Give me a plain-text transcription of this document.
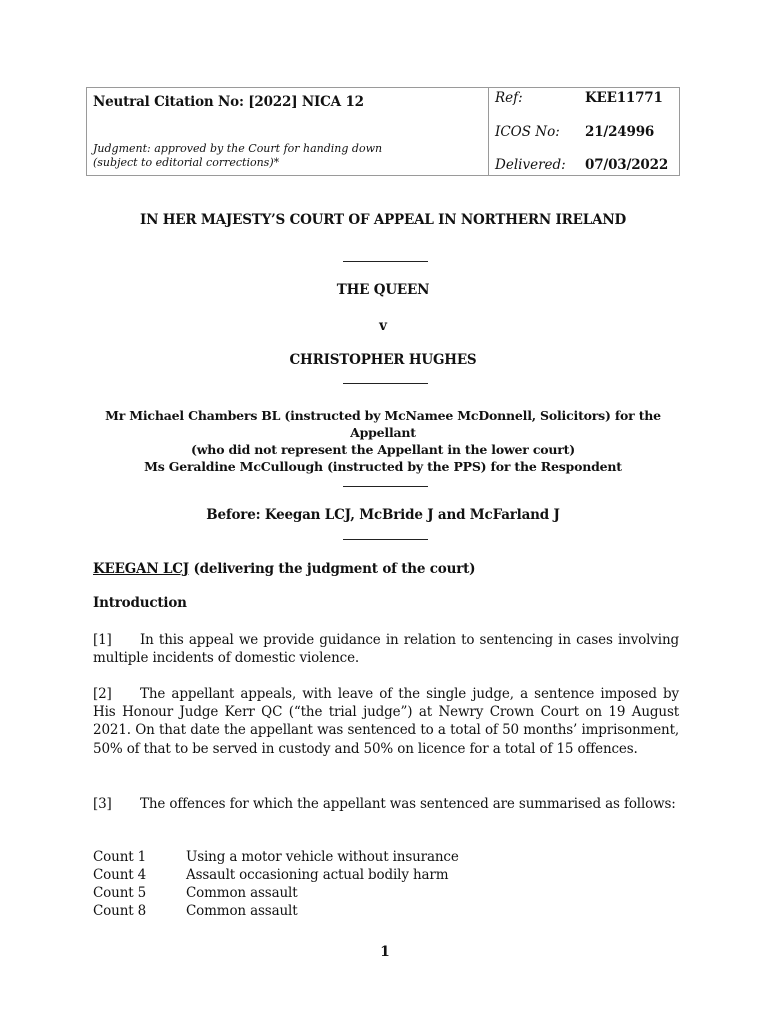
Neutral Citation No: [2022] NICA 12
Judgment: approved by the Court for handing down
(subject to editorial corrections)*
Ref:	KEE11771
ICOS No: 21/24996
Delivered: 07/03/2022
IN HER MAJESTY’S COURT OF APPEAL IN NORTHERN IRELAND
THE QUEEN
v
CHRISTOPHER HUGHES
Mr Michael Chambers BL (instructed by McNamee McDonnell, Solicitors) for the
Appellant
(who did not represent the Appellant in the lower court)
Ms Geraldine McCullough (instructed by the PPS) for the Respondent
Before: Keegan LCJ, McBride J and McFarland J
KEEGAN LCJ (delivering the judgment of the court)
Introduction
[1] In this appeal we provide guidance in relation to sentencing in cases involving multiple incidents of domestic violence.
[2] The appellant appeals, with leave of the single judge, a sentence imposed by His Honour Judge Kerr QC (“the trial judge”) at Newry Crown Court on 19 August 2021. On that date the appellant was sentenced to a total of 50 months’ imprisonment, 50% of that to be served in custody and 50% on licence for a total of 15 offences.
[3] The offences for which the appellant was sentenced are summarised as follows:
Count 1	Using a motor vehicle without insurance
Count 4	Assault occasioning actual bodily harm
Count 5	Common assault
Count 8	Common assault
1
